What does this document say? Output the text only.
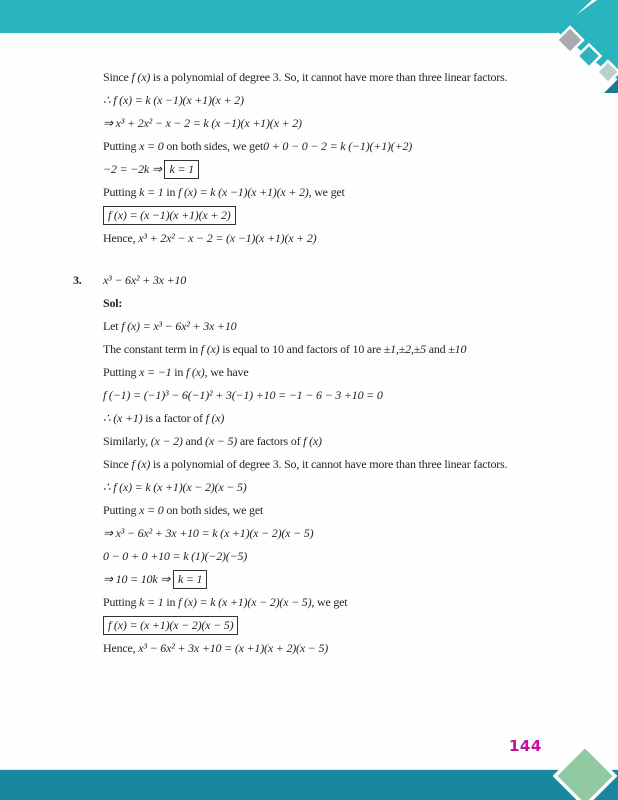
Since f (x) is a polynomial of degree 3. So, it cannot have more than three linear factors.
∴ f (x) = k (x −1)(x +1)(x + 2)
⇒ x³ + 2x² − x − 2 = k (x −1)(x +1)(x + 2)
Putting x = 0 on both sides, we get0 + 0 − 0 − 2 = k (−1)(+1)(+2)
−2 = −2k ⇒ k = 1
Putting k = 1 in f (x) = k (x −1)(x +1)(x + 2), we get
f (x) = (x −1)(x +1)(x + 2)
Hence, x³ + 2x² − x − 2 = (x −1)(x +1)(x + 2)
3. x³ − 6x² + 3x +10
Sol:
Let f (x) = x³ − 6x² + 3x +10
The constant term in f (x) is equal to 10 and factors of 10 are ±1,±2,±5 and ±10
Putting x = −1 in f (x), we have
f (−1) = (−1)³ − 6(−1)² + 3(−1) +10 = −1 − 6 − 3 +10 = 0
∴ (x +1) is a factor of f (x)
Similarly, (x − 2) and (x − 5) are factors of f (x)
Since f (x) is a polynomial of degree 3. So, it cannot have more than three linear factors.
∴ f (x) = k (x +1)(x − 2)(x − 5)
Putting x = 0 on both sides, we get
⇒ x³ − 6x² + 3x +10 = k (x +1)(x − 2)(x − 5)
0 − 0 + 0 +10 = k (1)(−2)(−5)
⇒ 10 = 10k ⇒ k = 1
Putting k = 1 in f (x) = k (x +1)(x − 2)(x − 5), we get
f (x) = (x +1)(x − 2)(x − 5)
Hence, x³ − 6x² + 3x +10 = (x +1)(x + 2)(x − 5)
144
